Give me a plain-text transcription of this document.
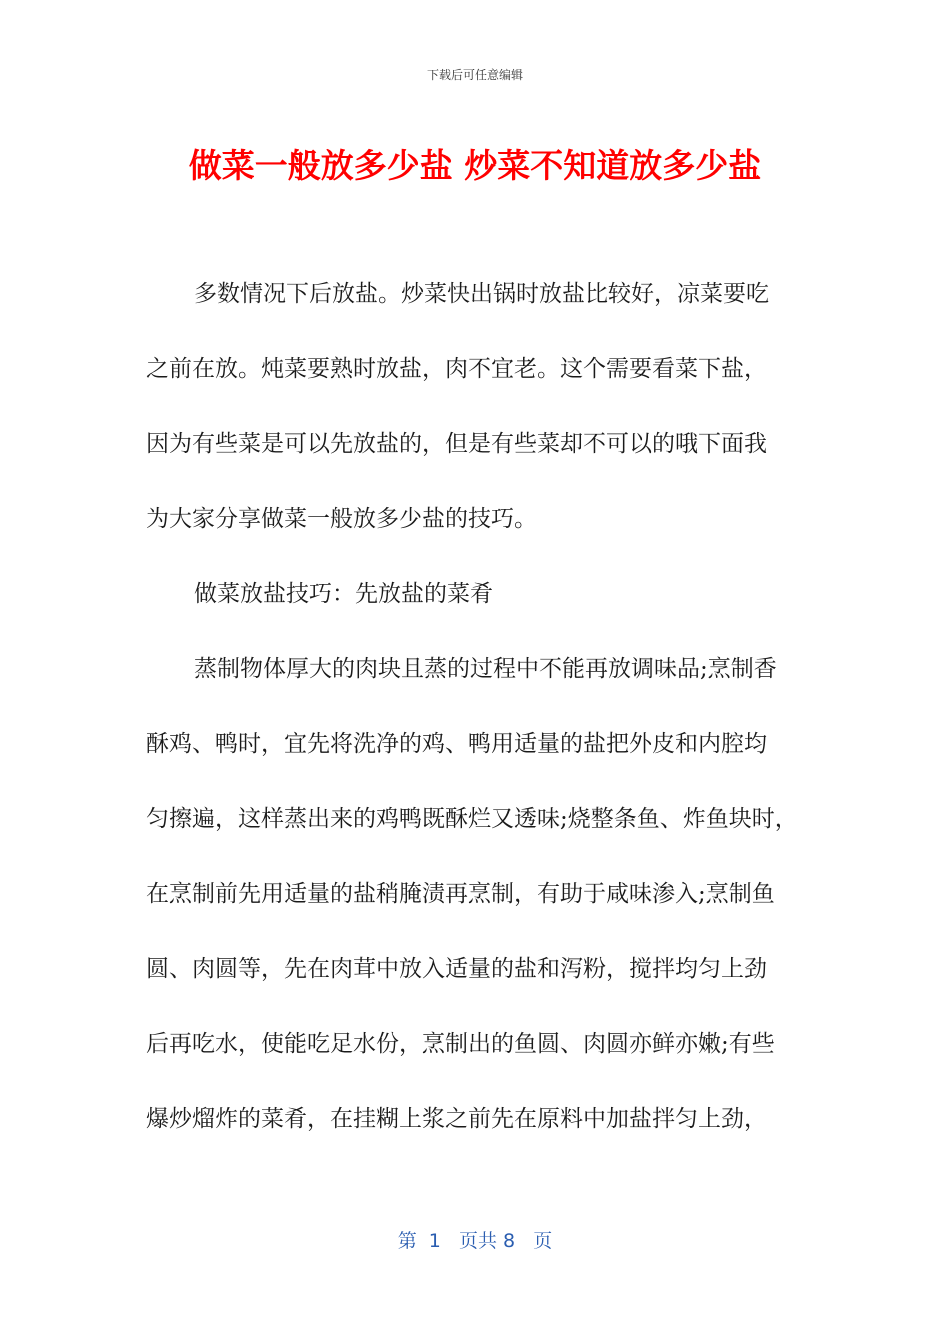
下载后可任意编辑
做菜一般放多少盐 炒菜不知道放多少盐
多数情况下后放盐。炒菜快出锅时放盐比较好，凉菜要吃
之前在放。炖菜要熟时放盐，肉不宜老。这个需要看菜下盐，
因为有些菜是可以先放盐的，但是有些菜却不可以的哦下面我
为大家分享做菜一般放多少盐的技巧。
做菜放盐技巧：先放盐的菜肴
蒸制物体厚大的肉块且蒸的过程中不能再放调味品;烹制香
酥鸡、鸭时，宜先将洗净的鸡、鸭用适量的盐把外皮和内腔均
匀擦遍，这样蒸出来的鸡鸭既酥烂又透味;烧整条鱼、炸鱼块时，
在烹制前先用适量的盐稍腌渍再烹制，有助于咸味渗入;烹制鱼
圆、肉圆等，先在肉茸中放入适量的盐和泻粉，搅拌均匀上劲
后再吃水，使能吃足水份，烹制出的鱼圆、肉圆亦鲜亦嫩;有些
爆炒熘炸的菜肴，在挂糊上浆之前先在原料中加盐拌匀上劲，
第  1   页共 8   页
